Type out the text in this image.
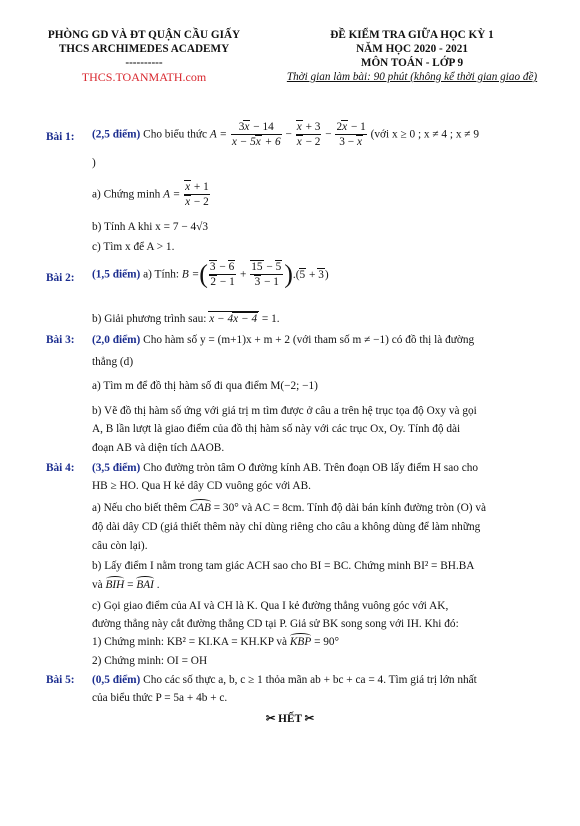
PHÒNG GD VÀ ĐT QUẬN CẦU GIẤY
THCS ARCHIMEDES ACADEMY
----------
THCS.TOANMATH.com
ĐỀ KIỂM TRA GIỮA HỌC KỲ 1
NĂM HỌC 2020 - 2021
MÔN TOÁN - LỚP 9
Thời gian làm bài: 90 phút (không kể thời gian giao đề)
Bài 1: (2,5 điểm) Cho biểu thức $A = \frac{3x - 14}{x - 5x + 6} - \frac{x + 3}{x - 2} - \frac{2x - 1}{3 - x}$ (với x ≥ 0 ; x ≠ 4 ; x ≠ 9
)
a) Chứng minh $A = \frac{x + 1}{x - 2}$
b) Tính A khi x = 7 − 4√3
c) Tìm x để A > 1.
Bài 2: (1,5 điểm) a) Tính: B =( $\frac{3 - 6}{2 - 1} + \frac{15 - 5}{3 - 1} ).(5 + 3)$
b) Giải phương trình sau: x − 4x − 4 = 1.
Bài 3: (2,0 điểm) Cho hàm số y = (m+1)x + m + 2 (với tham số m ≠ −1) có đồ thị là đường
thẳng (d)
a) Tìm m để đồ thị hàm số đi qua điểm M(−2; −1)
b) Vẽ đồ thị hàm số ứng với giá trị m tìm được ở câu a trên hệ trục tọa độ Oxy và gọi
A, B lần lượt là giao điểm của đồ thị hàm số này với các trục Ox, Oy. Tính độ dài
đoạn AB và diện tích ΔAOB.
Bài 4: (3,5 điểm) Cho đường tròn tâm O đường kính AB. Trên đoạn OB lấy điểm H sao cho
HB ≥ HO. Qua H kẻ dây CD vuông góc với AB.
a) Nếu cho biết thêm CAB = 30° và AC = 8cm. Tính độ dài bán kính đường tròn (O) và
độ dài dây CD (giả thiết thêm này chỉ dùng riêng cho câu a không dùng để làm những
câu còn lại).
b) Lấy điểm I nằm trong tam giác ACH sao cho BI = BC. Chứng minh BI² = BH.BA
và BIH = BAI .
c) Gọi giao điểm của AI và CH là K. Qua I kẻ đường thẳng vuông góc với AK,
đường thẳng này cắt đường thẳng CD tại P. Giả sử BK song song với IH. Khi đó:
1) Chứng minh: KB² = KI.KA = KH.KP và KBP = 90°
2) Chứng minh: OI = OH
Bài 5: (0,5 điểm) Cho các số thực a, b, c ≥ 1 thỏa mãn ab + bc + ca = 4. Tìm giá trị lớn nhất
của biểu thức P = 5a + 4b + c.
✂ HẾT ✂
